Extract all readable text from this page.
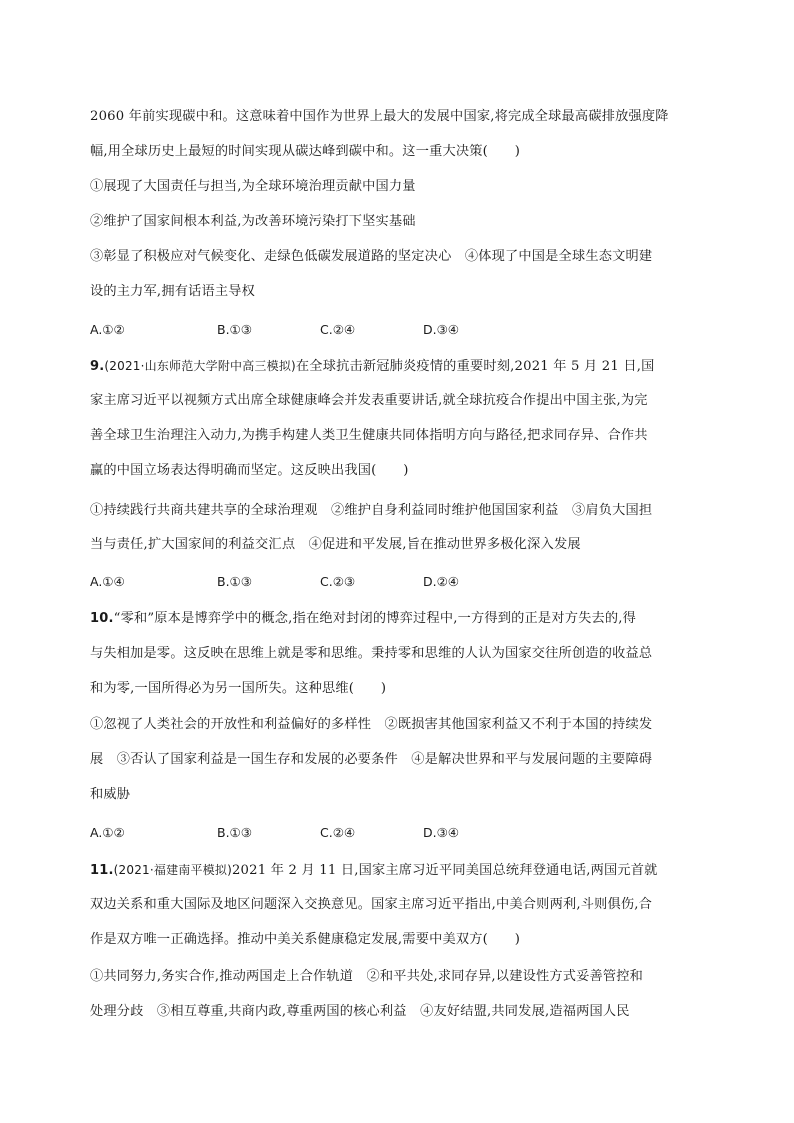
2060 年前实现碳中和。这意味着中国作为世界上最大的发展中国家,将完成全球最高碳排放强度降
幅,用全球历史上最短的时间实现从碳达峰到碳中和。这一重大决策(　　)
①展现了大国责任与担当,为全球环境治理贡献中国力量
②维护了国家间根本利益,为改善环境污染打下坚实基础
③彰显了积极应对气候变化、走绿色低碳发展道路的坚定决心　④体现了中国是全球生态文明建
设的主力军,拥有话语主导权
A.①②	B.①③	C.②④	D.③④
9.(2021·山东师范大学附中高三模拟)在全球抗击新冠肺炎疫情的重要时刻,2021 年 5 月 21 日,国
家主席习近平以视频方式出席全球健康峰会并发表重要讲话,就全球抗疫合作提出中国主张,为完
善全球卫生治理注入动力,为携手构建人类卫生健康共同体指明方向与路径,把求同存异、合作共
赢的中国立场表达得明确而坚定。这反映出我国(　　)
①持续践行共商共建共享的全球治理观　②维护自身利益同时维护他国国家利益　③肩负大国担
当与责任,扩大国家间的利益交汇点　④促进和平发展,旨在推动世界多极化深入发展
A.①④	B.①③	C.②③	D.②④
10.“零和”原本是博弈学中的概念,指在绝对封闭的博弈过程中,一方得到的正是对方失去的,得
与失相加是零。这反映在思维上就是零和思维。秉持零和思维的人认为国家交往所创造的收益总
和为零,一国所得必为另一国所失。这种思维(　　)
①忽视了人类社会的开放性和利益偏好的多样性　②既损害其他国家利益又不利于本国的持续发
展　③否认了国家利益是一国生存和发展的必要条件　④是解决世界和平与发展问题的主要障碍
和威胁
A.①②	B.①③	C.②④	D.③④
11.(2021·福建南平模拟)2021 年 2 月 11 日,国家主席习近平同美国总统拜登通电话,两国元首就
双边关系和重大国际及地区问题深入交换意见。国家主席习近平指出,中美合则两利,斗则俱伤,合
作是双方唯一正确选择。推动中美关系健康稳定发展,需要中美双方(　　)
①共同努力,务实合作,推动两国走上合作轨道　②和平共处,求同存异,以建设性方式妥善管控和
处理分歧　③相互尊重,共商内政,尊重两国的核心利益　④友好结盟,共同发展,造福两国人民
